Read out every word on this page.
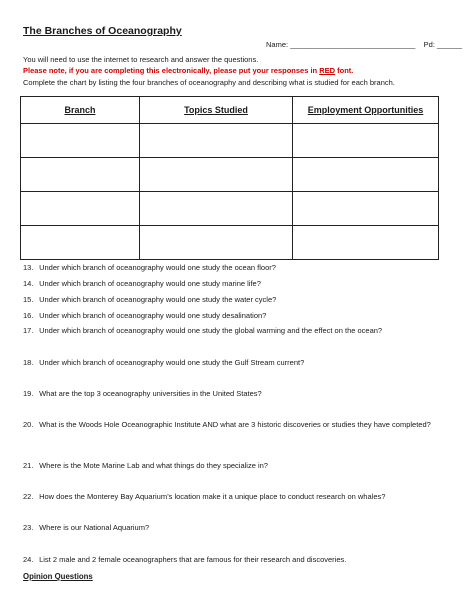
The Branches of Oceanography
Name: ______________________________ Pd: ______
You will need to use the internet to research and answer the questions.
Please note, if you are completing this electronically, please put your responses in RED font.
Complete the chart by listing the four branches of oceanography and describing what is studied for each branch.
Branch	Topics Studied	Employment Opportunities

13. Under which branch of oceanography would one study the ocean floor?
14. Under which branch of oceanography would one study marine life?
15. Under which branch of oceanography would one study the water cycle?
16. Under which branch of oceanography would one study desalination?
17. Under which branch of oceanography would one study the global warming and the effect on the ocean?
18. Under which branch of oceanography would one study the Gulf Stream current?
19. What are the top 3 oceanography universities in the United States?
20. What is the Woods Hole Oceanographic Institute AND what are 3 historic discoveries or studies they have completed?
21. Where is the Mote Marine Lab and what things do they specialize in?
22. How does the Monterey Bay Aquarium’s location make it a unique place to conduct research on whales?
23. Where is our National Aquarium?
24. List 2 male and 2 female oceanographers that are famous for their research and discoveries.
Opinion Questions
